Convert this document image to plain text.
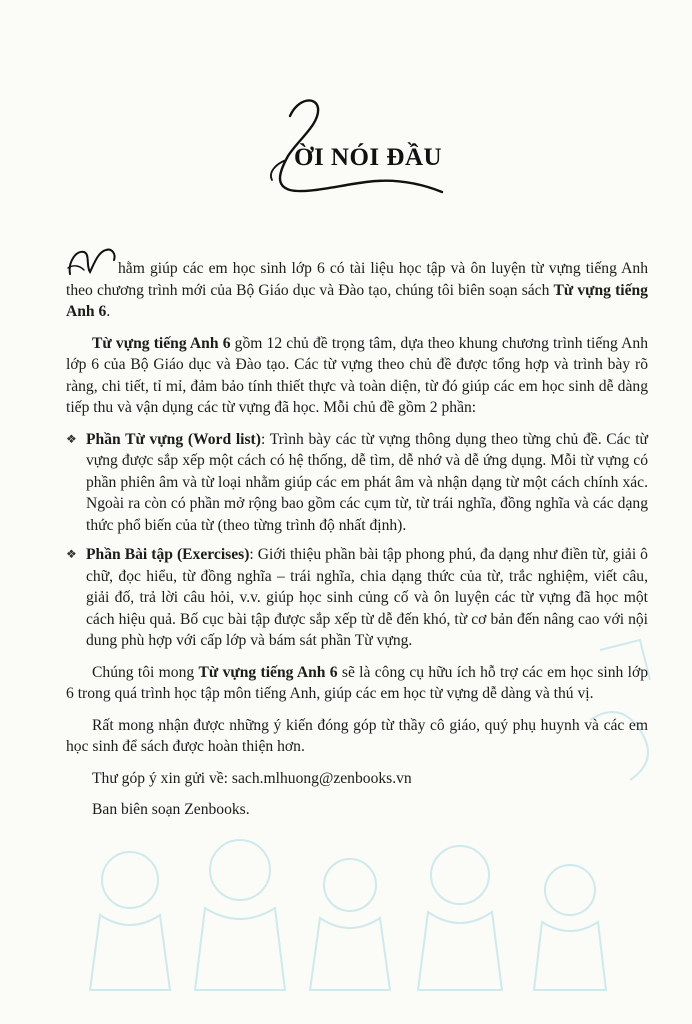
ỜI NÓI ĐẦU

hằm giúp các em học sinh lớp 6 có tài liệu học tập và ôn luyện từ vựng tiếng Anh theo chương trình mới của Bộ Giáo dục và Đào tạo, chúng tôi biên soạn sách Từ vựng tiếng Anh 6.

Từ vựng tiếng Anh 6 gồm 12 chủ đề trọng tâm, dựa theo khung chương trình tiếng Anh lớp 6 của Bộ Giáo dục và Đào tạo. Các từ vựng theo chủ đề được tổng hợp và trình bày rõ ràng, chi tiết, tỉ mỉ, đảm bảo tính thiết thực và toàn diện, từ đó giúp các em học sinh dễ dàng tiếp thu và vận dụng các từ vựng đã học. Mỗi chủ đề gồm 2 phần:

❖ Phần Từ vựng (Word list): Trình bày các từ vựng thông dụng theo từng chủ đề. Các từ vựng được sắp xếp một cách có hệ thống, dễ tìm, dễ nhớ và dễ ứng dụng. Mỗi từ vựng có phần phiên âm và từ loại nhằm giúp các em phát âm và nhận dạng từ một cách chính xác. Ngoài ra còn có phần mở rộng bao gồm các cụm từ, từ trái nghĩa, đồng nghĩa và các dạng thức phổ biến của từ (theo từng trình độ nhất định).
❖ Phần Bài tập (Exercises): Giới thiệu phần bài tập phong phú, đa dạng như điền từ, giải ô chữ, đọc hiểu, từ đồng nghĩa – trái nghĩa, chia dạng thức của từ, trắc nghiệm, viết câu, giải đố, trả lời câu hỏi, v.v. giúp học sinh củng cố và ôn luyện các từ vựng đã học một cách hiệu quả. Bố cục bài tập được sắp xếp từ dễ đến khó, từ cơ bản đến nâng cao với nội dung phù hợp với cấp lớp và bám sát phần Từ vựng.

Chúng tôi mong Từ vựng tiếng Anh 6 sẽ là công cụ hữu ích hỗ trợ các em học sinh lớp 6 trong quá trình học tập môn tiếng Anh, giúp các em học từ vựng dễ dàng và thú vị.

Rất mong nhận được những ý kiến đóng góp từ thầy cô giáo, quý phụ huynh và các em học sinh để sách được hoàn thiện hơn.

Thư góp ý xin gửi về: sach.mlhuong@zenbooks.vn

Ban biên soạn Zenbooks.
